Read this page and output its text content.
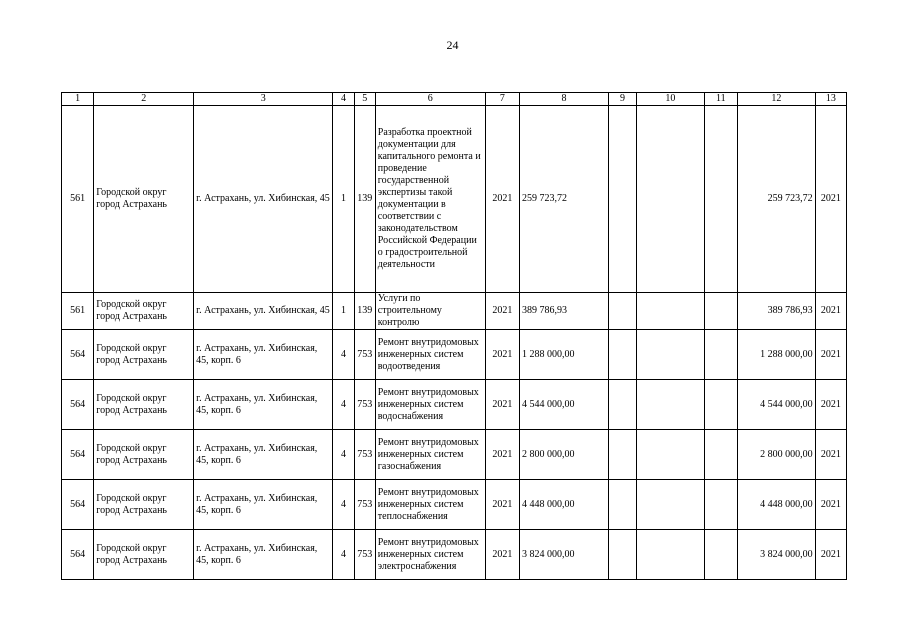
24
1	2	3	4	5	6	7	8	9	10	11	12	13
561	Городской округ город Астрахань	г. Астрахань, ул. Хибинская, 45	1	139	Разработка проектной документации для капитального ремонта и проведение государственной экспертизы такой документации в соответствии с законодательством Российской Федерации о градостроительной деятельности	2021	259 723,72				259 723,72	2021
561	Городской округ город Астрахань	г. Астрахань, ул. Хибинская, 45	1	139	Услуги по строительному контролю	2021	389 786,93				389 786,93	2021
564	Городской округ город Астрахань	г. Астрахань, ул. Хибинская, 45, корп. 6	4	753	Ремонт внутридомовых инженерных систем водоотведения	2021	1 288 000,00				1 288 000,00	2021
564	Городской округ город Астрахань	г. Астрахань, ул. Хибинская, 45, корп. 6	4	753	Ремонт внутридомовых инженерных систем водоснабжения	2021	4 544 000,00				4 544 000,00	2021
564	Городской округ город Астрахань	г. Астрахань, ул. Хибинская, 45, корп. 6	4	753	Ремонт внутридомовых инженерных систем газоснабжения	2021	2 800 000,00				2 800 000,00	2021
564	Городской округ город Астрахань	г. Астрахань, ул. Хибинская, 45, корп. 6	4	753	Ремонт внутридомовых инженерных систем теплоснабжения	2021	4 448 000,00				4 448 000,00	2021
564	Городской округ город Астрахань	г. Астрахань, ул. Хибинская, 45, корп. 6	4	753	Ремонт внутридомовых инженерных систем электроснабжения	2021	3 824 000,00				3 824 000,00	2021
